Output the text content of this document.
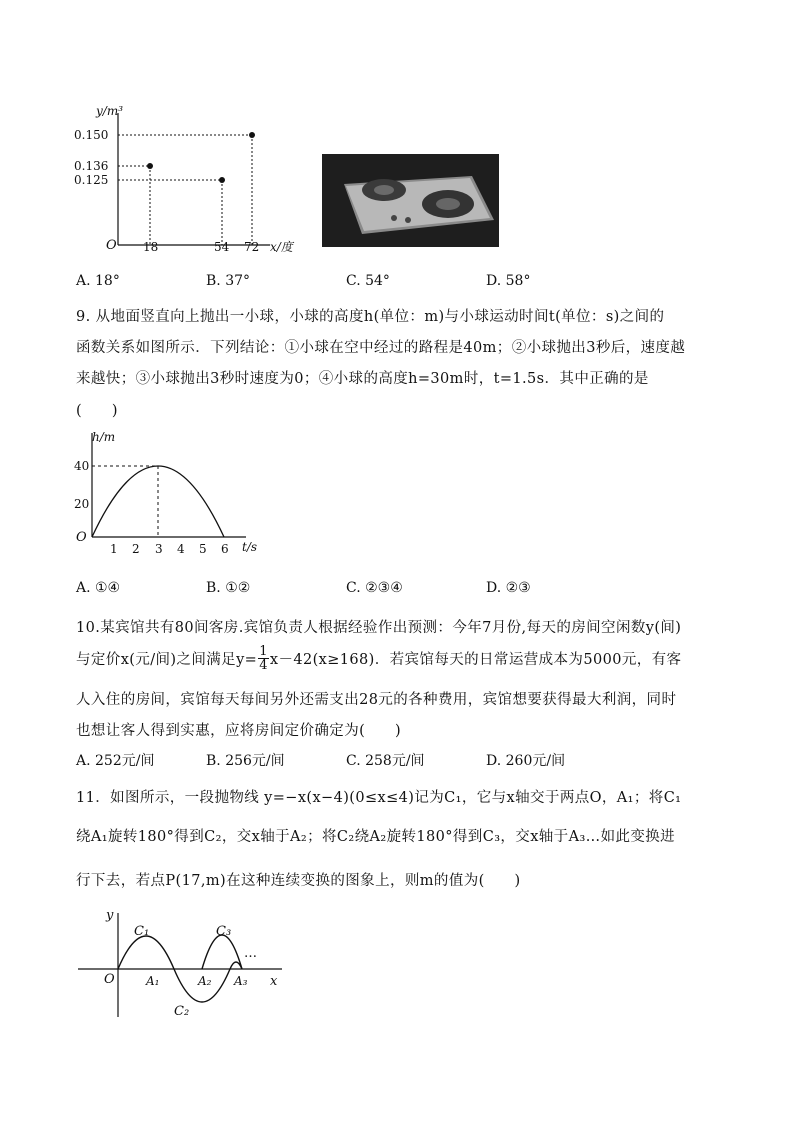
y/m³
0.150
0.136
0.125
O 18	54 72 x/度
A. 18°	B. 37°	C. 54°	D. 58°
9. 从地面竖直向上抛出一小球，小球的高度h(单位：m)与小球运动时间t(单位：s)之间的
函数关系如图所示．下列结论：①小球在空中经过的路程是40m；②小球抛出3秒后，速度越
来越快；③小球抛出3秒时速度为0；④小球的高度h=30m时，t=1.5s．其中正确的是
(　　)
h/m
40
20
O
1 2 3 4 5 6 t/s
A. ①④	B. ①②	C. ②③④	D. ②③
10.某宾馆共有80间客房.宾馆负责人根据经验作出预测：今年7月份,每天的房间空闲数y(间)
与定价x(元/间)之间满足$y= \frac{1}{4} x-42(x\ge 168)$．若宾馆每天的日常运营成本为5000元，有客
人入住的房间，宾馆每天每间另外还需支出28元的各种费用，宾馆想要获得最大利润，同时
也想让客人得到实惠，应将房间定价确定为(　　)
A. 252元/间	B. 256元/间	C. 258元/间	D. 260元/间
11．如图所示，一段抛物线 y=−x(x−4)(0≤x≤4)记为C₁，它与x轴交于两点O，A₁；将C₁
绕A₁旋转180°得到C₂，交x轴于A₂；将C₂绕A₂旋转180°得到C₃，交x轴于A₃…如此变换进
行下去，若点P(17,m)在这种连续变换的图象上，则m的值为(　　)
y
O
C₁
C₂
C₃
A₁	A₂ A₃
…
x
